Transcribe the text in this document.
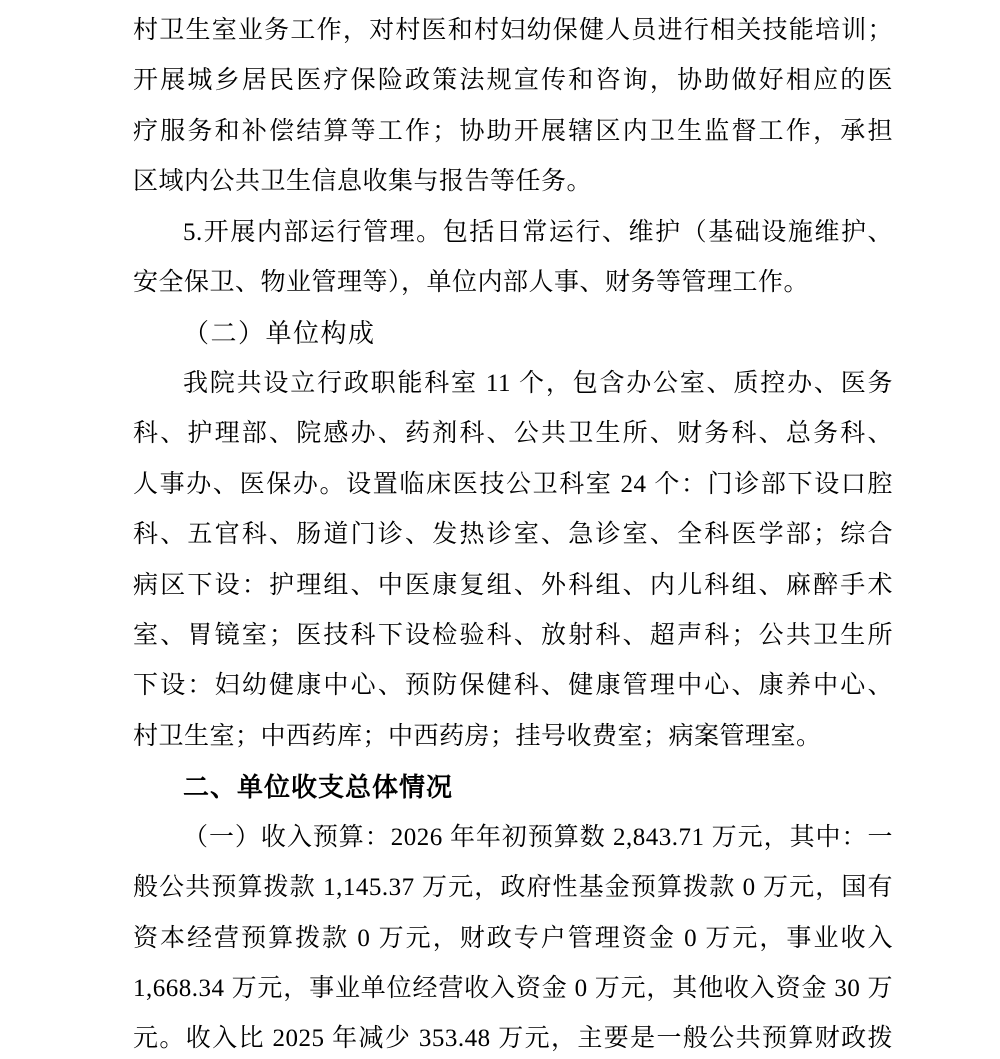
村卫生室业务工作，对村医和村妇幼保健人员进行相关技能培训；
开展城乡居民医疗保险政策法规宣传和咨询，协助做好相应的医
疗服务和补偿结算等工作；协助开展辖区内卫生监督工作，承担
区域内公共卫生信息收集与报告等任务。
5.开展内部运行管理。包括日常运行、维护（基础设施维护、
安全保卫、物业管理等），单位内部人事、财务等管理工作。
（二）单位构成
我院共设立行政职能科室 11 个，包含办公室、质控办、医务
科、护理部、院感办、药剂科、公共卫生所、财务科、总务科、
人事办、医保办。设置临床医技公卫科室 24 个：门诊部下设口腔
科、五官科、肠道门诊、发热诊室、急诊室、全科医学部；综合
病区下设：护理组、中医康复组、外科组、内儿科组、麻醉手术
室、胃镜室；医技科下设检验科、放射科、超声科；公共卫生所
下设：妇幼健康中心、预防保健科、健康管理中心、康养中心、
村卫生室；中西药库；中西药房；挂号收费室；病案管理室。
二、单位收支总体情况
（一）收入预算：2026 年年初预算数 2,843.71 万元，其中：一
般公共预算拨款 1,145.37 万元，政府性基金预算拨款 0 万元，国有
资本经营预算拨款 0 万元，财政专户管理资金 0 万元，事业收入
1,668.34 万元，事业单位经营收入资金 0 万元，其他收入资金 30 万
元。收入比 2025 年减少 353.48 万元，主要是一般公共预算财政拨
